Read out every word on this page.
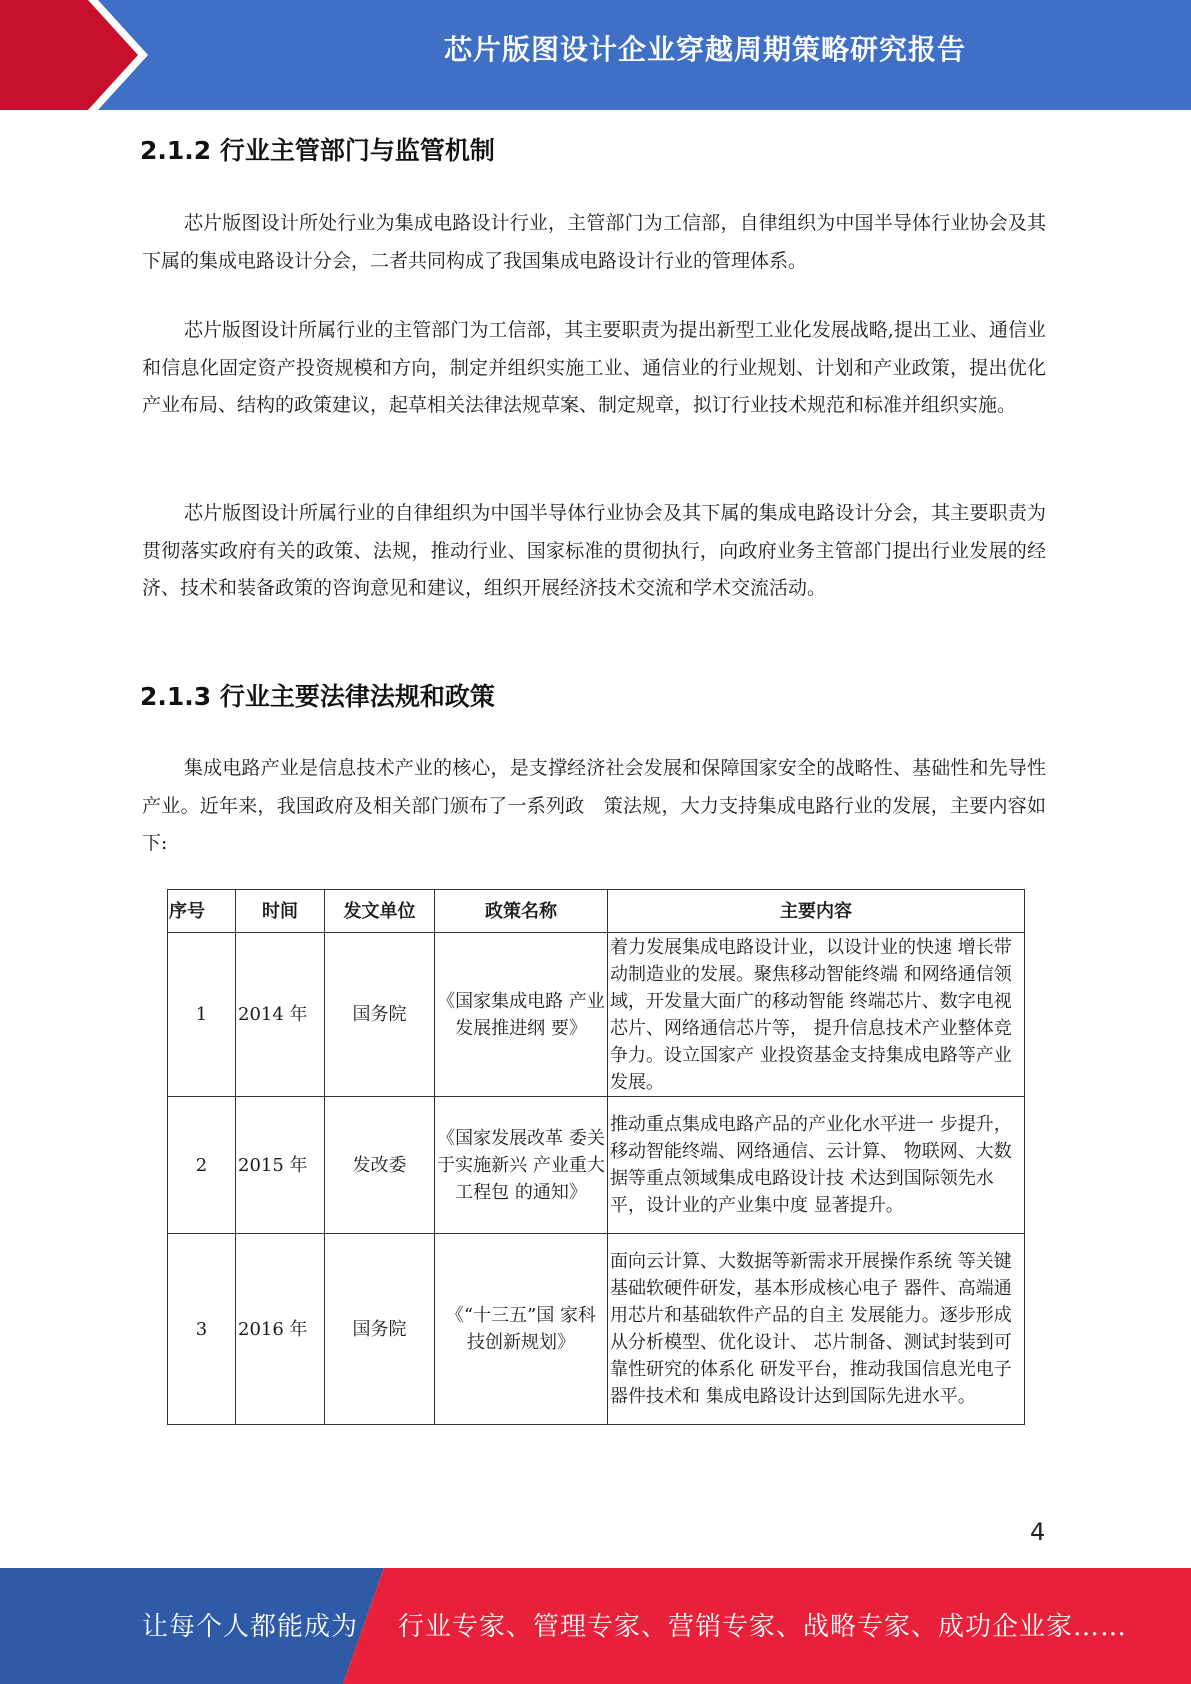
芯片版图设计企业穿越周期策略研究报告
2.1.2 行业主管部门与监管机制

芯片版图设计所处行业为集成电路设计行业，主管部门为工信部，自律组织为中国半导体行业协会及其下属的集成电路设计分会，二者共同构成了我国集成电路设计行业的管理体系。

芯片版图设计所属行业的主管部门为工信部，其主要职责为提出新型工业化发展战略,提出工业、通信业和信息化固定资产投资规模和方向，制定并组织实施工业、通信业的行业规划、计划和产业政策，提出优化产业布局、结构的政策建议，起草相关法律法规草案、制定规章，拟订行业技术规范和标准并组织实施。

芯片版图设计所属行业的自律组织为中国半导体行业协会及其下属的集成电路设计分会，其主要职责为贯彻落实政府有关的政策、法规，推动行业、国家标准的贯彻执行，向政府业务主管部门提出行业发展的经济、技术和装备政策的咨询意见和建议，组织开展经济技术交流和学术交流活动。

2.1.3 行业主要法律法规和政策

集成电路产业是信息技术产业的核心，是支撑经济社会发展和保障国家安全的战略性、基础性和先导性产业。近年来，我国政府及相关部门颁布了一系列政　策法规，大力支持集成电路行业的发展，主要内容如下:

序号	时间	发文单位	政策名称	主要内容
1	2014 年	国务院	《国家集成电路 产业发展推进纲 要》	着力发展集成电路设计业，以设计业的快速 增长带动制造业的发展。聚焦移动智能终端 和网络通信领域，开发量大面广的移动智能 终端芯片、数字电视芯片、网络通信芯片等， 提升信息技术产业整体竞争力。设立国家产 业投资基金支持集成电路等产业发展。
2	2015 年	发改委	《国家发展改革 委关于实施新兴 产业重大工程包 的通知》	推动重点集成电路产品的产业化水平进一 步提升，移动智能终端、网络通信、云计算、 物联网、大数据等重点领域集成电路设计技 术达到国际领先水平，设计业的产业集中度 显著提升。
3	2016 年	国务院	《“十三五”国 家科技创新规划》	面向云计算、大数据等新需求开展操作系统 等关键基础软硬件研发，基本形成核心电子 器件、高端通用芯片和基础软件产品的自主 发展能力。逐步形成从分析模型、优化设计、 芯片制备、测试封装到可靠性研究的体系化 研发平台，推动我国信息光电子器件技术和 集成电路设计达到国际先进水平。
4
让每个人都能成为 行业专家、管理专家、营销专家、战略专家、成功企业家……
